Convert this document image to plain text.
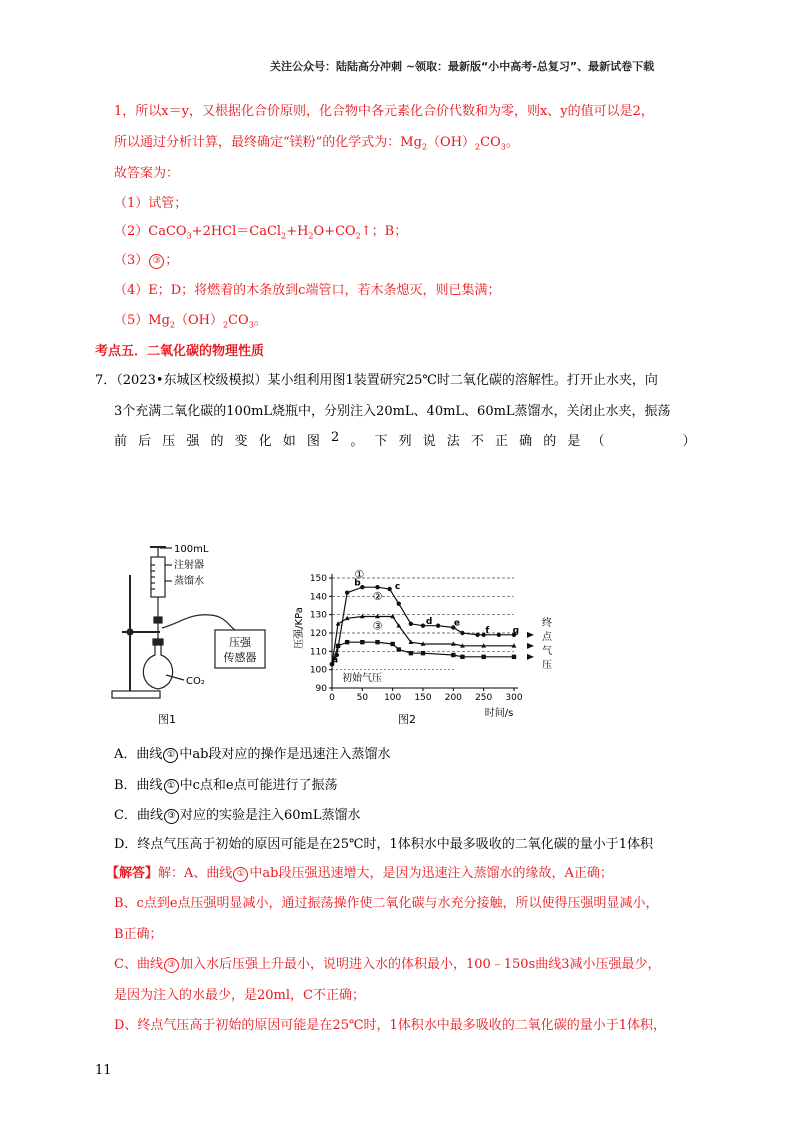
关注公众号：陆陆高分冲刺 ~领取：最新版“小中高考-总复习”、最新试卷下载
1，所以x＝y，又根据化合价原则，化合物中各元素化合价代数和为零，则x、y的值可以是2，
所以通过分析计算，最终确定“镁粉”的化学式为：$Mg_2(OH)_2CO_3$。
故答案为：
（1）试管；
$(2)CaCO_3+2HCl=CaCl_2+H_2O+CO_2↑$；B；
（3） ③ ；
（4）E；D；将燃着的木条放到c端管口，若木条熄灭，则已集满；
$(5)Mg_2(OH)_2CO_3$。
考点五．二氧化碳的物理性质
7．（2023•东城区校级模拟）某小组利用图1装置研究25℃时二氧化碳的溶解性。打开止水夹，向
3个充满二氧化碳的100mL烧瓶中，分别注入20mL、40mL、60mL蒸馏水，关闭止水夹，振荡
前 后 压 强 的 变 化 如 图 2 。 下 列 说 法 不 正 确 的 是 （	）
100mL
注射器
蒸馏水
压强
传感器
CO₂
图1
90
100
110
120
130
140
150
0 50 100 150 200 250 300
①
②
③
a
b	c
d e
f	g
压强/KPa
时间/s
初始气压
终
点
气
压
图2
A．曲线 ① 中ab段对应的操作是迅速注入蒸馏水
B．曲线 ① 中c点和e点可能进行了振荡
C．曲线 ③ 对应的实验是注入60mL蒸馏水
D．终点气压高于初始的原因可能是在25℃时，1体积水中最多吸收的二氧化碳的量小于1体积
【解答】解：A、曲线 ① 中ab段压强迅速增大，是因为迅速注入蒸馏水的缘故，A正确；
B、c点到e点压强明显减小，通过振荡操作使二氧化碳与水充分接触，所以使得压强明显减小，
B正确；
C、曲线 ③ 加入水后压强上升最小，说明进入水的体积最小，100﹣150s曲线3减小压强最少，
是因为注入的水最少，是20ml，C不正确；
D、终点气压高于初始的原因可能是在25℃时，1体积水中最多吸收的二氧化碳的量小于1体积，
11
